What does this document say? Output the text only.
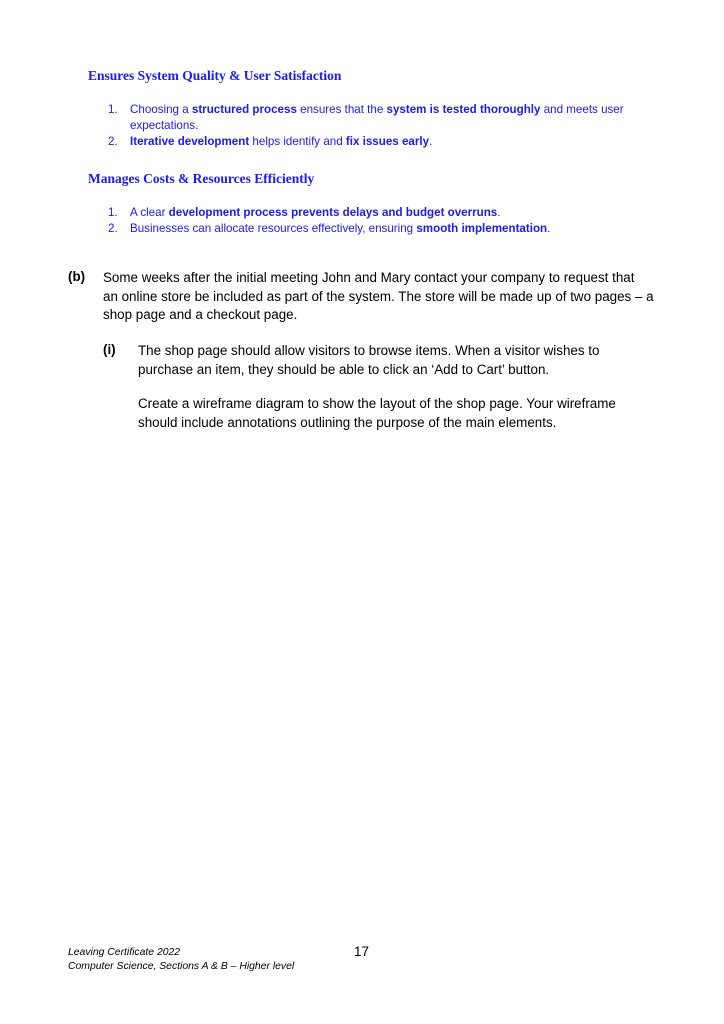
Ensures System Quality & User Satisfaction
1. Choosing a structured process ensures that the system is tested thoroughly and meets user expectations.
2. Iterative development helps identify and fix issues early.
Manages Costs & Resources Efficiently
1. A clear development process prevents delays and budget overruns.
2. Businesses can allocate resources effectively, ensuring smooth implementation.
(b) Some weeks after the initial meeting John and Mary contact your company to request that
an online store be included as part of the system. The store will be made up of two pages – a
shop page and a checkout page.
(i) The shop page should allow visitors to browse items. When a visitor wishes to
purchase an item, they should be able to click an ‘Add to Cart’ button.
Create a wireframe diagram to show the layout of the shop page. Your wireframe
should include annotations outlining the purpose of the main elements.
Leaving Certificate 2022
Computer Science, Sections A & B – Higher level
17
